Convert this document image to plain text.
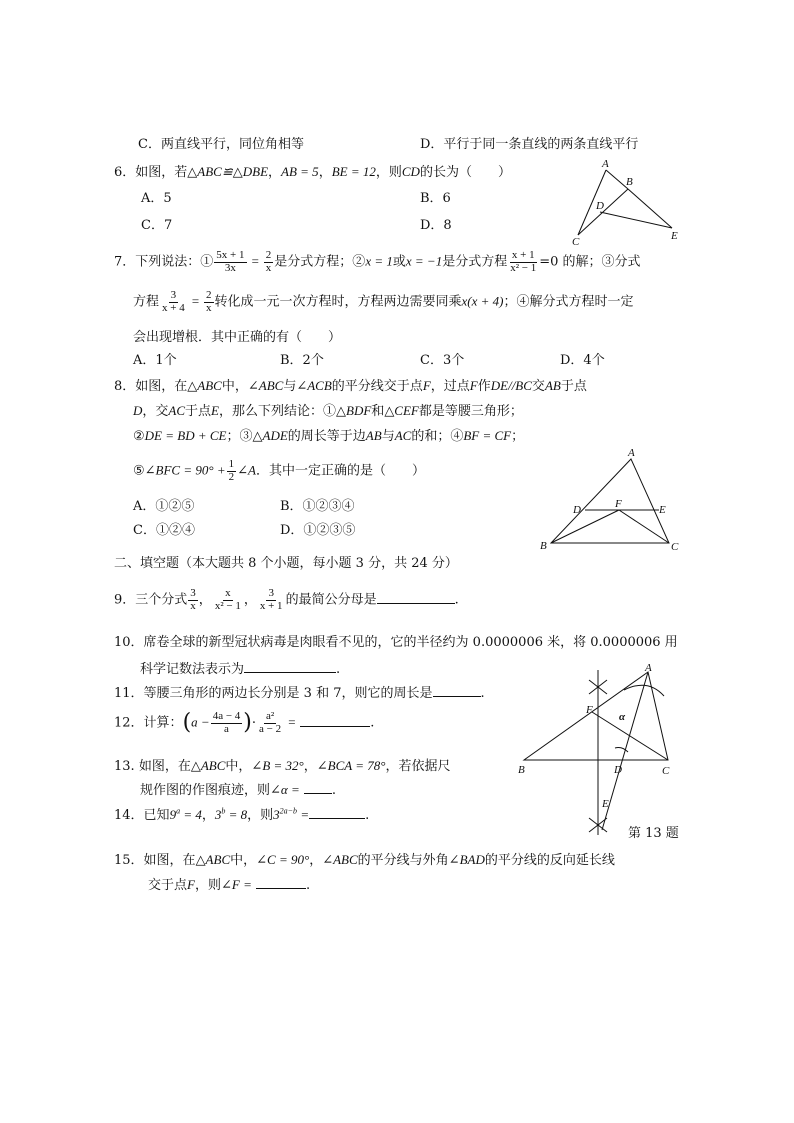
C．两直线平行，同位角相等	D．平行于同一条直线的两条直线平行
6．如图，若△ABC≌△DBE，AB = 5，BE = 12，则CD的长为（　　）
A．5	B．6
C．7	D．8
A
B
D
C	E
7．下列说法：① $\frac{5x + 1}{3x} = \frac{2}{x}$ 是分式方程；②x = 1或x = −1是分式方程 $\frac{x + 1}{\text{x² − 1}} =0$ 的解；③分式
方程 $\frac{3}{x + 4} = \frac{2}{x}$ 转化成一元一次方程时，方程两边需要同乘x(x + 4)；④解分式方程时一定
会出现增根．其中正确的有（　　）
A．1个	B．2个	C．3个	D．4个
8．如图，在△ABC中，∠ABC与∠ACB的平分线交于点F，过点F作DE//BC交AB于点
D，交AC于点E，那么下列结论：①△BDF和△CEF都是等腰三角形；
②DE = BD + CE；③△ADE的周长等于边AB与AC的和；④BF = CF；
⑤∠BFC = $90^\circ + \frac{1}{2}$ ∠A．其中一定正确的是（　　）
A．①②⑤	B．①②③④
C．①②④	D．①②③⑤
A
D	F	E
B	C
二、填空题（本大题共 8 个小题，每小题 3 分，共 24 分）
9．三个分式 $\frac{3}{x}$ ， $\frac{x}{\text{x² − 1}}$ ， $\frac{3}{x + 1}$ 的最简公分母是	.
10．席卷全球的新型冠状病毒是肉眼看不见的，它的半径约为 0.0000006 米，将 0.0000006 用
科学记数法表示为	.
11．等腰三角形的两边长分别是 3 和 7，则它的周长是	.
12．计算：($a - \frac{4a - 4}{a}$ )· $\frac{\text{a²}}{a - 2}$ =	.
13. 如图，在△ABC中，∠B = 32°，∠BCA = 78°，若依据尺
规作图的作图痕迹，则∠α = .
A
F
α
B	D	C
E
第 13 题
14．已知$9^a = 4$，$3^b = 8$，则$3^{2a-b}$ =	.
15．如图，在△ABC中，∠C = 90°，∠ABC的平分线与外角∠BAD的平分线的反向延长线
交于点F，则∠F =	.
